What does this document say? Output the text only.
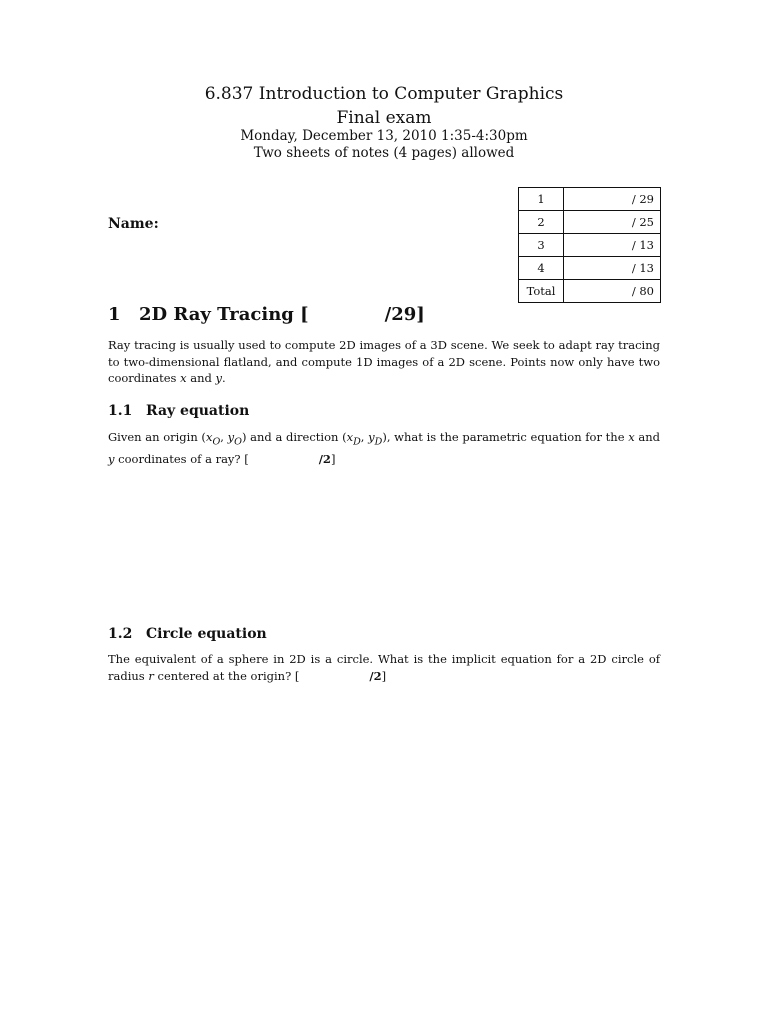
6.837 Introduction to Computer Graphics
Final exam
Monday, December 13, 2010 1:35-4:30pm
Two sheets of notes (4 pages) allowed
Name:
1	/ 29
2	/ 25
3	/ 13
4	/ 13
Total	/ 80
1 2D Ray Tracing [	/29]
Ray tracing is usually used to compute 2D images of a 3D scene. We seek to adapt ray tracing to two-dimensional flatland, and compute 1D images of a 2D scene. Points now only have two coordinates x and y.
1.1 Ray equation
Given an origin ($x_O$, $y_O$) and a direction ($x_D$, $y_D$), what is the parametric equation for the x and y coordinates of a ray? [	/2]
1.2 Circle equation
The equivalent of a sphere in 2D is a circle. What is the implicit equation for a 2D circle of radius r centered at the origin? [	/2]
